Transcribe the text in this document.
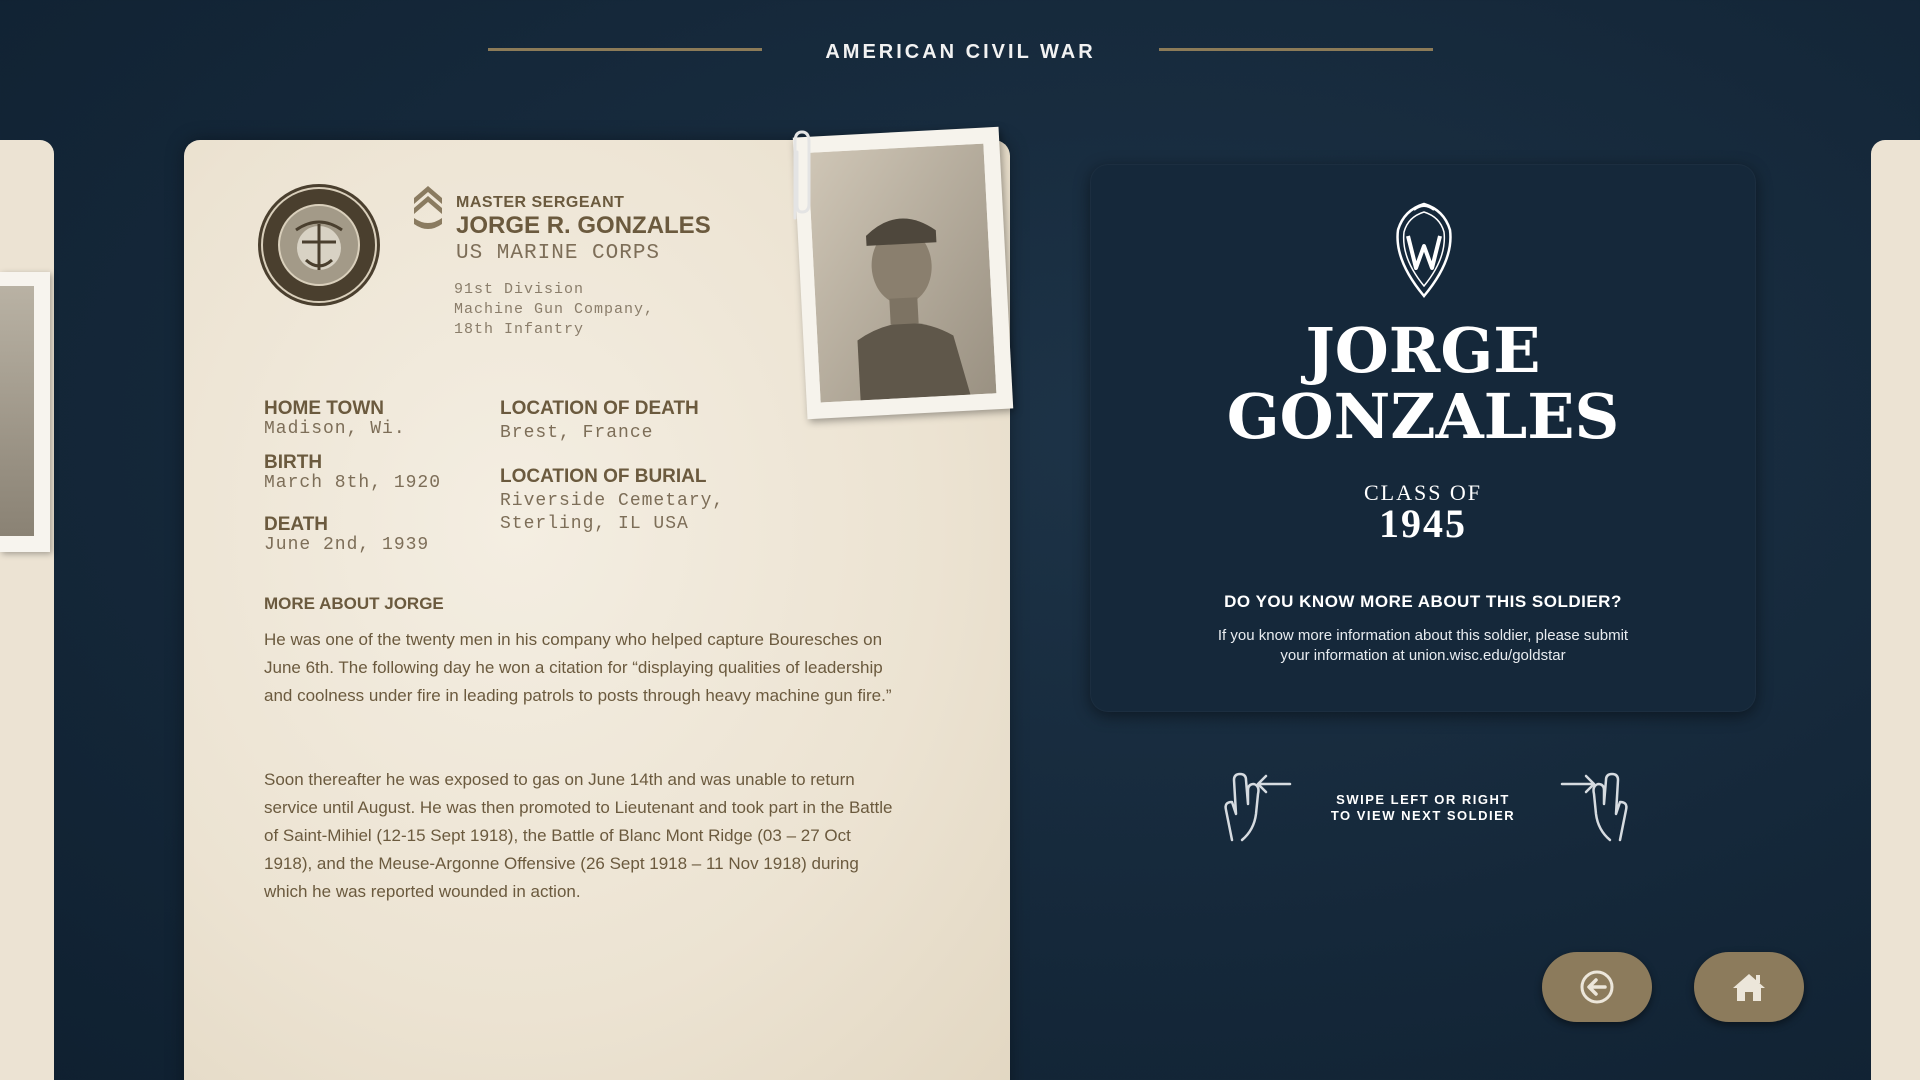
AMERICAN CIVIL WAR
MASTER SERGEANT
JORGE R. GONZALES
US MARINE CORPS
91st Division
Machine Gun Company,
18th Infantry
HOME TOWN
Madison, Wi.
BIRTH
March 8th, 1920
DEATH
June 2nd, 1939
LOCATION OF DEATH
Brest, France
LOCATION OF BURIAL
Riverside Cemetary,
Sterling, IL USA
MORE ABOUT JORGE

He was one of the twenty men in his company who helped capture Bouresches on June 6th. The following day he won a citation for “displaying qualities of leadership and coolness under fire in leading patrols to posts through heavy machine gun fire.”

Soon thereafter he was exposed to gas on June 14th and was unable to return service until August. He was then promoted to Lieutenant and took part in the Battle of Saint-Mihiel (12-15 Sept 1918), the Battle of Blanc Mont Ridge (03 – 27 Oct 1918), and the Meuse-Argonne Offensive (26 Sept 1918 – 11 Nov 1918) during which he was reported wounded in action.

JORGE
GONZALES
CLASS OF
1945
DO YOU KNOW MORE ABOUT THIS SOLDIER?
If you know more information about this soldier, please submit
your information at union.wisc.edu/goldstar
SWIPE LEFT OR RIGHT
TO VIEW NEXT SOLDIER
